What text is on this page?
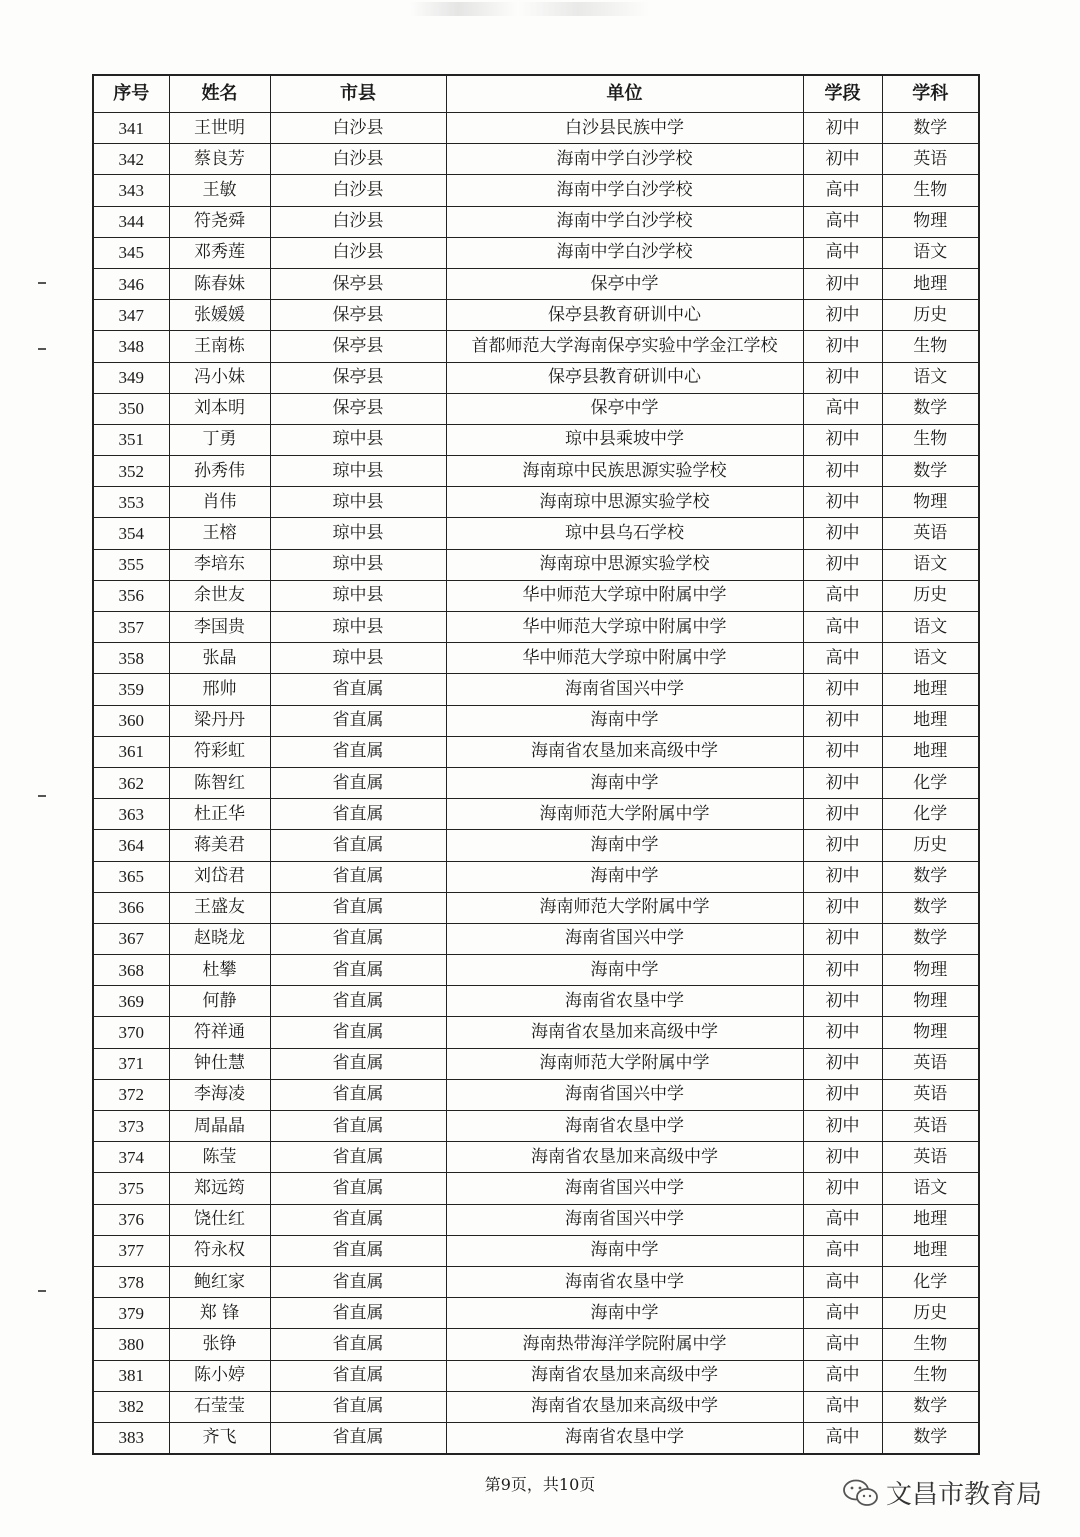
序号	姓名	市县	单位	学段	学科
341	王世明	白沙县	白沙县民族中学	初中	数学
342	蔡良芳	白沙县	海南中学白沙学校	初中	英语
343	王敏	白沙县	海南中学白沙学校	高中	生物
344	符尧舜	白沙县	海南中学白沙学校	高中	物理
345	邓秀莲	白沙县	海南中学白沙学校	高中	语文
346	陈春妹	保亭县	保亭中学	初中	地理
347	张媛媛	保亭县	保亭县教育研训中心	初中	历史
348	王南栋	保亭县	首都师范大学海南保亭实验中学金江学校	初中	生物
349	冯小妹	保亭县	保亭县教育研训中心	初中	语文
350	刘本明	保亭县	保亭中学	高中	数学
351	丁勇	琼中县	琼中县乘坡中学	初中	生物
352	孙秀伟	琼中县	海南琼中民族思源实验学校	初中	数学
353	肖伟	琼中县	海南琼中思源实验学校	初中	物理
354	王榕	琼中县	琼中县乌石学校	初中	英语
355	李培东	琼中县	海南琼中思源实验学校	初中	语文
356	余世友	琼中县	华中师范大学琼中附属中学	高中	历史
357	李国贵	琼中县	华中师范大学琼中附属中学	高中	语文
358	张晶	琼中县	华中师范大学琼中附属中学	高中	语文
359	邢帅	省直属	海南省国兴中学	初中	地理
360	梁丹丹	省直属	海南中学	初中	地理
361	符彩虹	省直属	海南省农垦加来高级中学	初中	地理
362	陈智红	省直属	海南中学	初中	化学
363	杜正华	省直属	海南师范大学附属中学	初中	化学
364	蒋美君	省直属	海南中学	初中	历史
365	刘岱君	省直属	海南中学	初中	数学
366	王盛友	省直属	海南师范大学附属中学	初中	数学
367	赵晓龙	省直属	海南省国兴中学	初中	数学
368	杜攀	省直属	海南中学	初中	物理
369	何静	省直属	海南省农垦中学	初中	物理
370	符祥通	省直属	海南省农垦加来高级中学	初中	物理
371	钟仕慧	省直属	海南师范大学附属中学	初中	英语
372	李海凌	省直属	海南省国兴中学	初中	英语
373	周晶晶	省直属	海南省农垦中学	初中	英语
374	陈莹	省直属	海南省农垦加来高级中学	初中	英语
375	郑远筠	省直属	海南省国兴中学	初中	语文
376	饶仕红	省直属	海南省国兴中学	高中	地理
377	符永权	省直属	海南中学	高中	地理
378	鲍红家	省直属	海南省农垦中学	高中	化学
379	郑 锋	省直属	海南中学	高中	历史
380	张铮	省直属	海南热带海洋学院附属中学	高中	生物
381	陈小婷	省直属	海南省农垦加来高级中学	高中	生物
382	石莹莹	省直属	海南省农垦加来高级中学	高中	数学
383	齐飞	省直属	海南省农垦中学	高中	数学
第9页，共10页	文昌市教育局
